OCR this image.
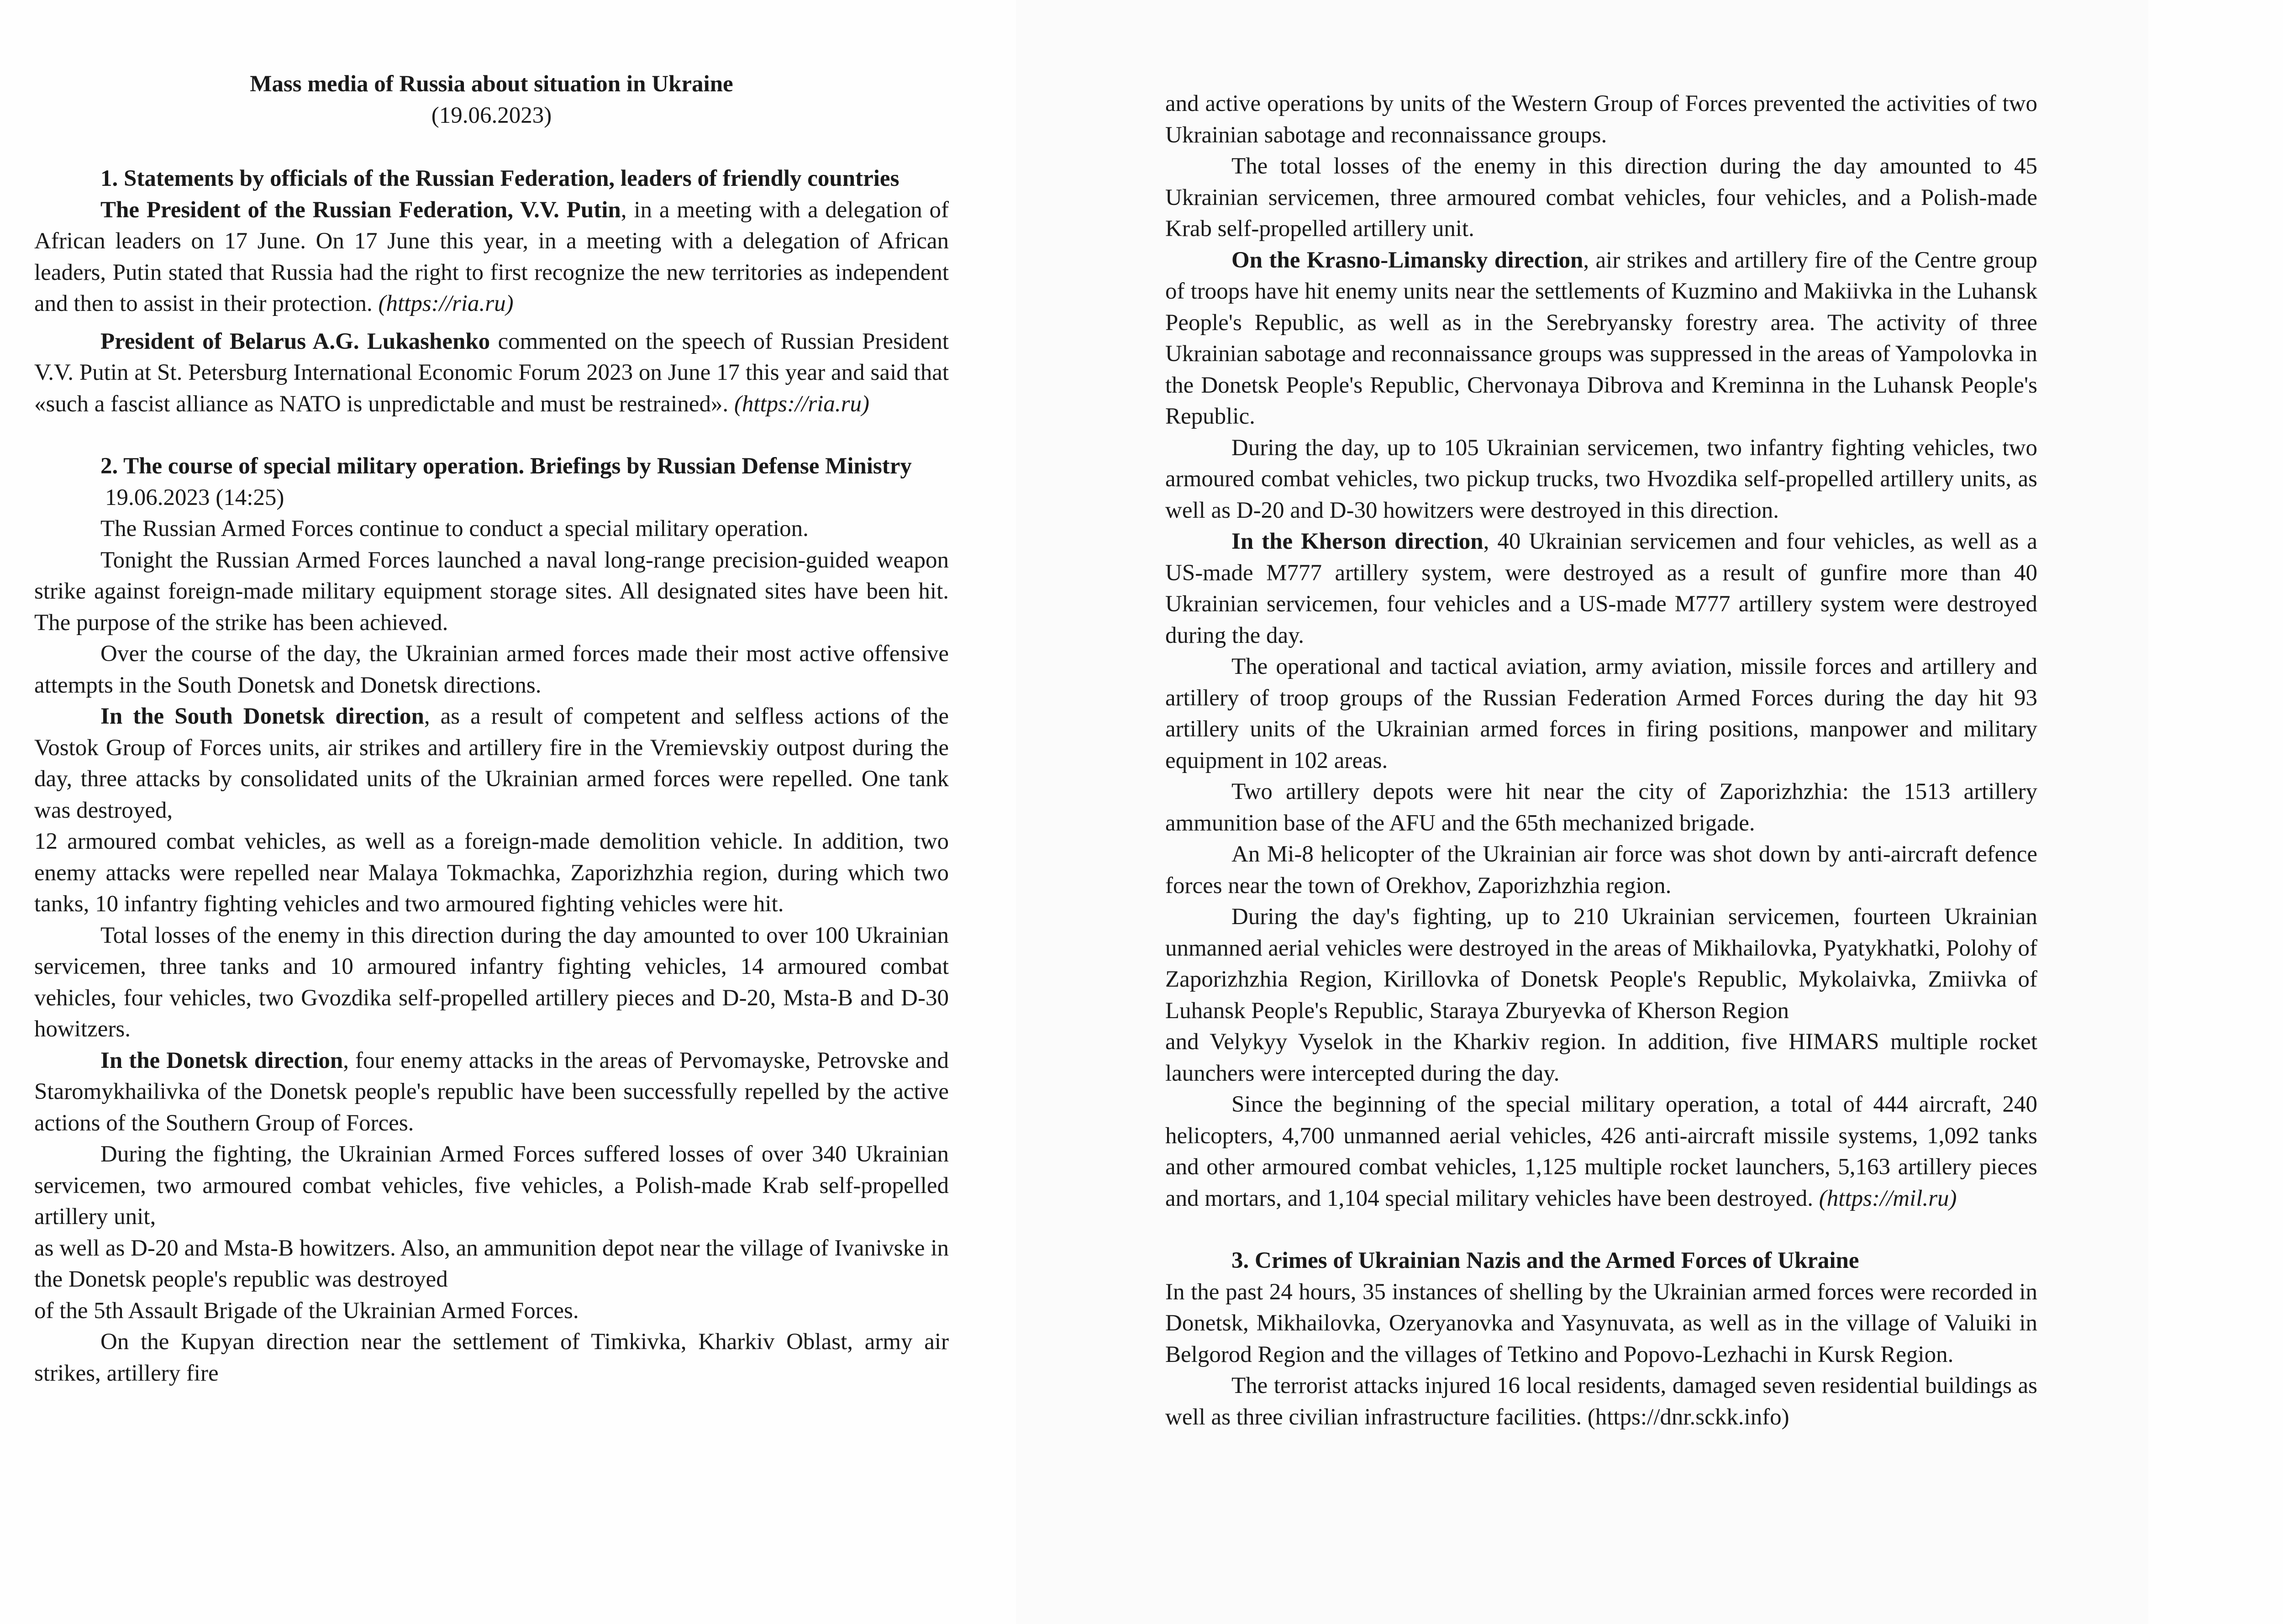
Mass media of Russia about situation in Ukraine

(19.06.2023)

1. Statements by officials of the Russian Federation, leaders of friendly countries

The President of the Russian Federation, V.V. Putin, in a meeting with a delegation of African leaders on 17 June. On 17 June this year, in a meeting with a delegation of African leaders, Putin stated that Russia had the right to first recognize the new territories as independent and then to assist in their protection. (https://ria.ru)

President of Belarus A.G. Lukashenko commented on the speech of Russian President V.V. Putin at St. Petersburg International Economic Forum 2023 on June 17 this year and said that «such a fascist alliance as NATO is unpredictable and must be restrained». (https://ria.ru)

2. The course of special military operation. Briefings by Russian Defense Ministry

19.06.2023 (14:25)

The Russian Armed Forces continue to conduct a special military operation.

Tonight the Russian Armed Forces launched a naval long-range precision-guided weapon strike against foreign-made military equipment storage sites. All designated sites have been hit. The purpose of the strike has been achieved.

Over the course of the day, the Ukrainian armed forces made their most active offensive attempts in the South Donetsk and Donetsk directions.

In the South Donetsk direction, as a result of competent and selfless actions of the Vostok Group of Forces units, air strikes and artillery fire in the Vremievskiy outpost during the day, three attacks by consolidated units of the Ukrainian armed forces were repelled. One tank was destroyed,

12 armoured combat vehicles, as well as a foreign-made demolition vehicle. In addition, two enemy attacks were repelled near Malaya Tokmachka, Zaporizhzhia region, during which two tanks, 10 infantry fighting vehicles and two armoured fighting vehicles were hit.

Total losses of the enemy in this direction during the day amounted to over 100 Ukrainian servicemen, three tanks and 10 armoured infantry fighting vehicles, 14 armoured combat vehicles, four vehicles, two Gvozdika self-propelled artillery pieces and D-20, Msta-B and D-30 howitzers.

In the Donetsk direction, four enemy attacks in the areas of Pervomayske, Petrovske and Staromykhailivka of the Donetsk people's republic have been successfully repelled by the active actions of the Southern Group of Forces.

During the fighting, the Ukrainian Armed Forces suffered losses of over 340 Ukrainian servicemen, two armoured combat vehicles, five vehicles, a Polish-made Krab self-propelled artillery unit,

as well as D-20 and Msta-B howitzers. Also, an ammunition depot near the village of Ivanivske in the Donetsk people's republic was destroyed

of the 5th Assault Brigade of the Ukrainian Armed Forces.

On the Kupyan direction near the settlement of Timkivka, Kharkiv Oblast, army air strikes, artillery fire

and active operations by units of the Western Group of Forces prevented the activities of two Ukrainian sabotage and reconnaissance groups.

The total losses of the enemy in this direction during the day amounted to 45 Ukrainian servicemen, three armoured combat vehicles, four vehicles, and a Polish-made Krab self-propelled artillery unit.

On the Krasno-Limansky direction, air strikes and artillery fire of the Centre group of troops have hit enemy units near the settlements of Kuzmino and Makiivka in the Luhansk People's Republic, as well as in the Serebryansky forestry area. The activity of three Ukrainian sabotage and reconnaissance groups was suppressed in the areas of Yampolovka in the Donetsk People's Republic, Chervonaya Dibrova and Kreminna in the Luhansk People's Republic.

During the day, up to 105 Ukrainian servicemen, two infantry fighting vehicles, two armoured combat vehicles, two pickup trucks, two Hvozdika self-propelled artillery units, as well as D-20 and D-30 howitzers were destroyed in this direction.

In the Kherson direction, 40 Ukrainian servicemen and four vehicles, as well as a US-made M777 artillery system, were destroyed as a result of gunfire more than 40 Ukrainian servicemen, four vehicles and a US-made M777 artillery system were destroyed during the day.

The operational and tactical aviation, army aviation, missile forces and artillery and artillery of troop groups of the Russian Federation Armed Forces during the day hit 93 artillery units of the Ukrainian armed forces in firing positions, manpower and military equipment in 102 areas.

Two artillery depots were hit near the city of Zaporizhzhia: the 1513 artillery ammunition base of the AFU and the 65th mechanized brigade.

An Mi-8 helicopter of the Ukrainian air force was shot down by anti-aircraft defence forces near the town of Orekhov, Zaporizhzhia region.

During the day's fighting, up to 210 Ukrainian servicemen, fourteen Ukrainian unmanned aerial vehicles were destroyed in the areas of Mikhailovka, Pyatykhatki, Polohy of Zaporizhzhia Region, Kirillovka of Donetsk People's Republic, Mykolaivka, Zmiivka of Luhansk People's Republic, Staraya Zburyevka of Kherson Region

and Velykyy Vyselok in the Kharkiv region. In addition, five HIMARS multiple rocket launchers were intercepted during the day.

Since the beginning of the special military operation, a total of 444 aircraft, 240 helicopters, 4,700 unmanned aerial vehicles, 426 anti-aircraft missile systems, 1,092 tanks and other armoured combat vehicles, 1,125 multiple rocket launchers, 5,163 artillery pieces and mortars, and 1,104 special military vehicles have been destroyed. (https://mil.ru)

3. Crimes of Ukrainian Nazis and the Armed Forces of Ukraine

In the past 24 hours, 35 instances of shelling by the Ukrainian armed forces were recorded in Donetsk, Mikhailovka, Ozeryanovka and Yasynuvata, as well as in the village of Valuiki in Belgorod Region and the villages of Tetkino and Popovo-Lezhachi in Kursk Region.

The terrorist attacks injured 16 local residents, damaged seven residential buildings as well as three civilian infrastructure facilities. (https://dnr.sckk.info)
